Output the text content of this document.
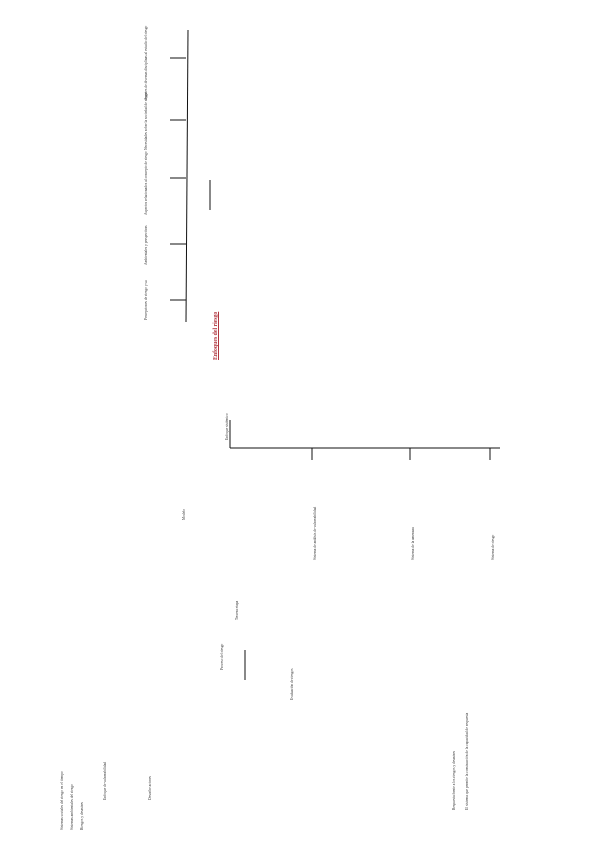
Enfoques del riesgo
Percepciones de riesgo y su
Ambientales y perspectivas
Aspectos relacionados al concepto de riesgo
Necesidades sobre la sociedad de riesgo
Aportes de diversas disciplinas al estudio del riesgo
Enfoque de vulnerabilidad	Describe actores
Sistemas sociales del riesgo en el tiempo Sistemas ambientales del riesgo Riesgos y desastres
Modelo
Enfoque sistémico
Proceso del riesgo
Tercera etapa
Evaluación de riesgos
Sistema de análisis de vulnerabilidad	Sistema de la amenaza	Sistema de riesgo
Respuesta frente a los riesgos y desastres	El sistema que permite la construcción de la capacidad de respuesta
